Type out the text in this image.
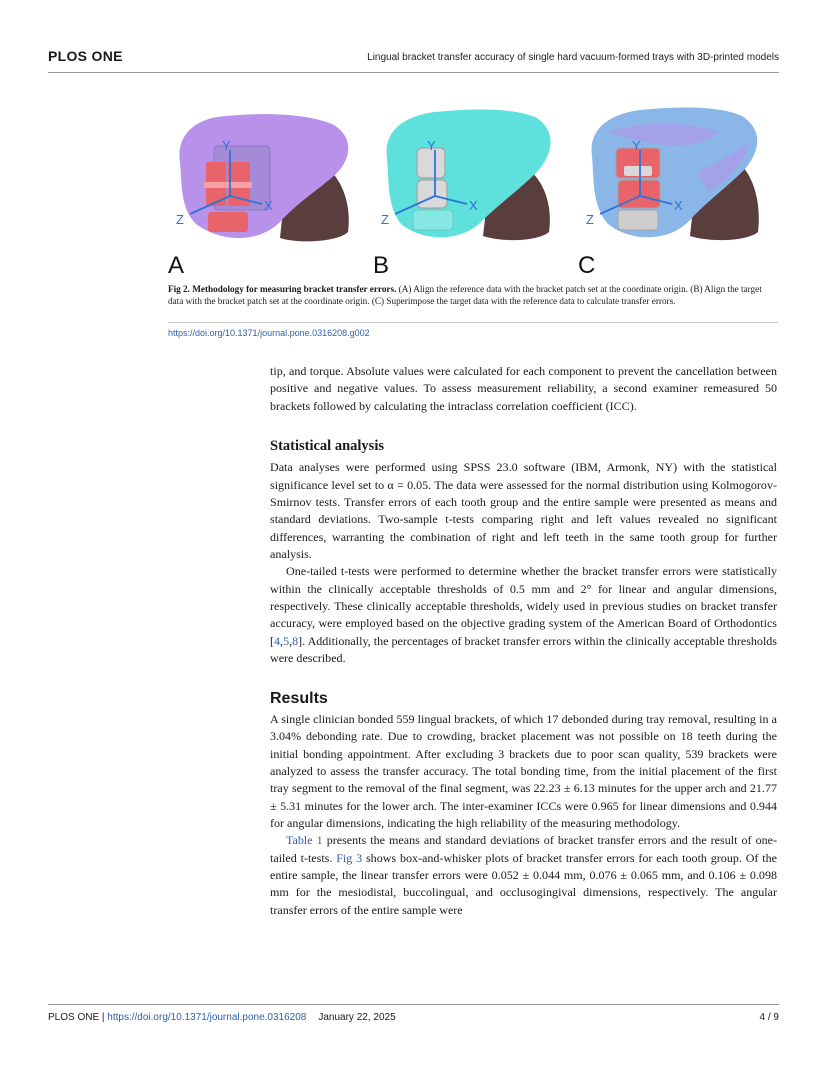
PLOS ONE	Lingual bracket transfer accuracy of single hard vacuum-formed trays with 3D-printed models
Y
X
Z
A
Y
X
Z
B
Y
X
Z
C
Fig 2. Methodology for measuring bracket transfer errors. (A) Align the reference data with the bracket patch set at the coordinate origin. (B) Align the target data with the bracket patch set at the coordinate origin. (C) Superimpose the target data with the reference data to calculate transfer errors.
https://doi.org/10.1371/journal.pone.0316208.g002

tip, and torque. Absolute values were calculated for each component to prevent the cancellation between positive and negative values. To assess measurement reliability, a second examiner remeasured 50 brackets followed by calculating the intraclass correlation coefficient (ICC).

Statistical analysis

Data analyses were performed using SPSS 23.0 software (IBM, Armonk, NY) with the statistical significance level set to α = 0.05. The data were assessed for the normal distribution using Kolmogorov-Smirnov tests. Transfer errors of each tooth group and the entire sample were presented as means and standard deviations. Two-sample t-tests comparing right and left values revealed no significant differences, warranting the combination of right and left teeth in the same tooth group for further analysis.

One-tailed t-tests were performed to determine whether the bracket transfer errors were statistically within the clinically acceptable thresholds of 0.5 mm and 2° for linear and angular dimensions, respectively. These clinically acceptable thresholds, widely used in previous studies on bracket transfer accuracy, were employed based on the objective grading system of the American Board of Orthodontics [4,5,8]. Additionally, the percentages of bracket transfer errors within the clinically acceptable thresholds were described.

Results

A single clinician bonded 559 lingual brackets, of which 17 debonded during tray removal, resulting in a 3.04% debonding rate. Due to crowding, bracket placement was not possible on 18 teeth during the initial bonding appointment. After excluding 3 brackets due to poor scan quality, 539 brackets were analyzed to assess the transfer accuracy. The total bonding time, from the initial placement of the first tray segment to the removal of the final segment, was 22.23 ± 6.13 minutes for the upper arch and 21.77 ± 5.31 minutes for the lower arch. The inter-examiner ICCs were 0.965 for linear dimensions and 0.944 for angular dimensions, indicating the high reliability of the measuring methodology.

Table 1 presents the means and standard deviations of bracket transfer errors and the result of one-tailed t-tests. Fig 3 shows box-and-whisker plots of bracket transfer errors for each tooth group. Of the entire sample, the linear transfer errors were 0.052 ± 0.044 mm, 0.076 ± 0.065 mm, and 0.106 ± 0.098 mm for the mesiodistal, buccolingual, and occlusogingival dimensions, respectively. The angular transfer errors of the entire sample were

PLOS ONE | https://doi.org/10.1371/journal.pone.0316208 January 22, 2025	4 / 9
